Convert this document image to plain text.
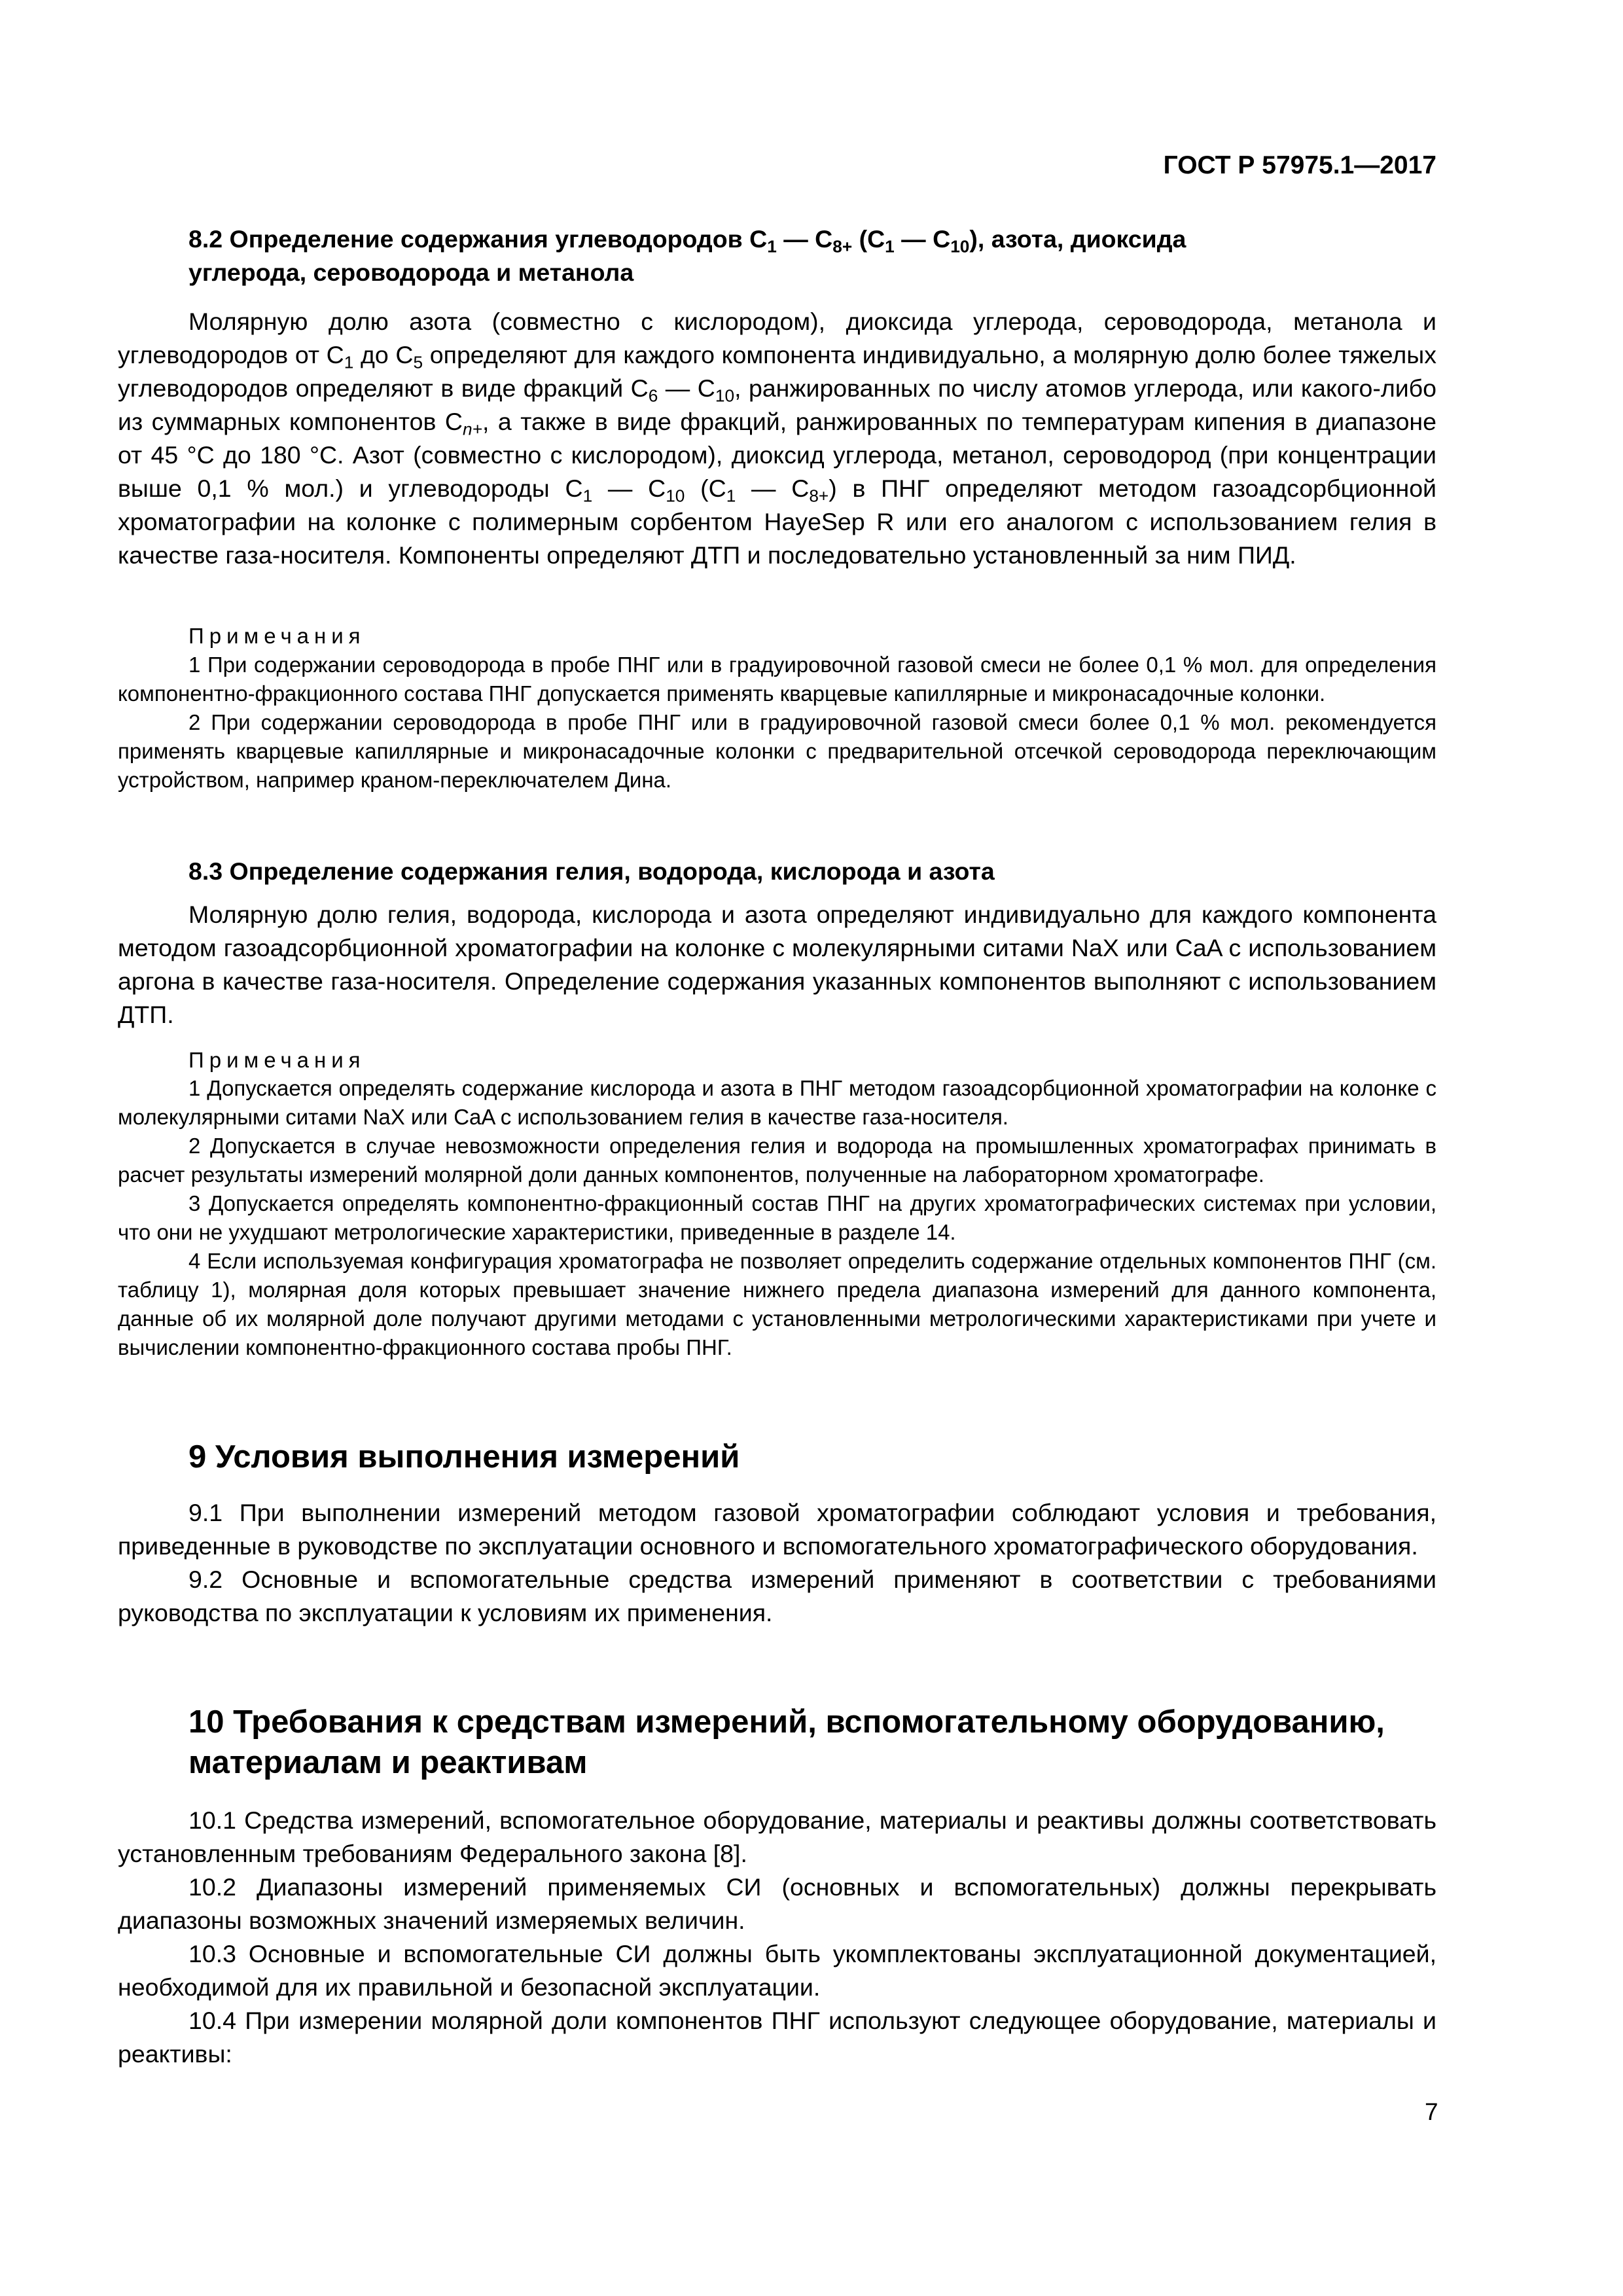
ГОСТ Р 57975.1—2017

8.2 Определение содержания углеводородов $C_1$ — $C_{8+}$ ($C_1$ — $C_{10}$), азота, диоксида
углерода, сероводорода и метанола

Молярную долю азота (совместно с кислородом), диоксида углерода, сероводорода, метанола и углеводородов от $C_1$ до $C_5$ определяют для каждого компонента индивидуально, а молярную долю более тяжелых углеводородов определяют в виде фракций $C_6$ — $C_{10}$, ранжированных по числу атомов углерода, или какого-либо из суммарных компонентов $C_{n+}$, а также в виде фракций, ранжированных по температурам кипения в диапазоне от 45 °C до 180 °C. Азот (совместно с кислородом), диоксид углерода, метанол, сероводород (при концентрации выше 0,1 % мол.) и углеводороды $C_1$ — $C_{10}$ ($C_1$ — $C_{8+}$) в ПНГ определяют методом газоадсорбционной хроматографии на колонке с полимерным сорбентом HayeSep R или его аналогом с использованием гелия в качестве газа-носителя. Компоненты определяют ДТП и последовательно установленный за ним ПИД.

Примечания

1 При содержании сероводорода в пробе ПНГ или в градуировочной газовой смеси не более 0,1 % мол. для определения компонентно-фракционного состава ПНГ допускается применять кварцевые капиллярные и микронасадочные колонки.

2 При содержании сероводорода в пробе ПНГ или в градуировочной газовой смеси более 0,1 % мол. рекомендуется применять кварцевые капиллярные и микронасадочные колонки с предварительной отсечкой сероводорода переключающим устройством, например краном-переключателем Дина.

8.3 Определение содержания гелия, водорода, кислорода и азота

Молярную долю гелия, водорода, кислорода и азота определяют индивидуально для каждого компонента методом газоадсорбционной хроматографии на колонке с молекулярными ситами NaX или CaA с использованием аргона в качестве газа-носителя. Определение содержания указанных компонентов выполняют с использованием ДТП.

Примечания

1 Допускается определять содержание кислорода и азота в ПНГ методом газоадсорбционной хроматографии на колонке с молекулярными ситами NaX или CaA с использованием гелия в качестве газа-носителя.

2 Допускается в случае невозможности определения гелия и водорода на промышленных хроматографах принимать в расчет результаты измерений молярной доли данных компонентов, полученные на лабораторном хроматографе.

3 Допускается определять компонентно-фракционный состав ПНГ на других хроматографических системах при условии, что они не ухудшают метрологические характеристики, приведенные в разделе 14.

4 Если используемая конфигурация хроматографа не позволяет определить содержание отдельных компонентов ПНГ (см. таблицу 1), молярная доля которых превышает значение нижнего предела диапазона измерений для данного компонента, данные об их молярной доле получают другими методами с установленными метрологическими характеристиками при учете и вычислении компонентно-фракционного состава пробы ПНГ.

9 Условия выполнения измерений

9.1 При выполнении измерений методом газовой хроматографии соблюдают условия и требования, приведенные в руководстве по эксплуатации основного и вспомогательного хроматографического оборудования.

9.2 Основные и вспомогательные средства измерений применяют в соответствии с требованиями руководства по эксплуатации к условиям их применения.

10 Требования к средствам измерений, вспомогательному оборудованию,
материалам и реактивам

10.1 Средства измерений, вспомогательное оборудование, материалы и реактивы должны соответствовать установленным требованиям Федерального закона [8].

10.2 Диапазоны измерений применяемых СИ (основных и вспомогательных) должны перекрывать диапазоны возможных значений измеряемых величин.

10.3 Основные и вспомогательные СИ должны быть укомплектованы эксплуатационной документацией, необходимой для их правильной и безопасной эксплуатации.

10.4 При измерении молярной доли компонентов ПНГ используют следующее оборудование, материалы и реактивы:

7
